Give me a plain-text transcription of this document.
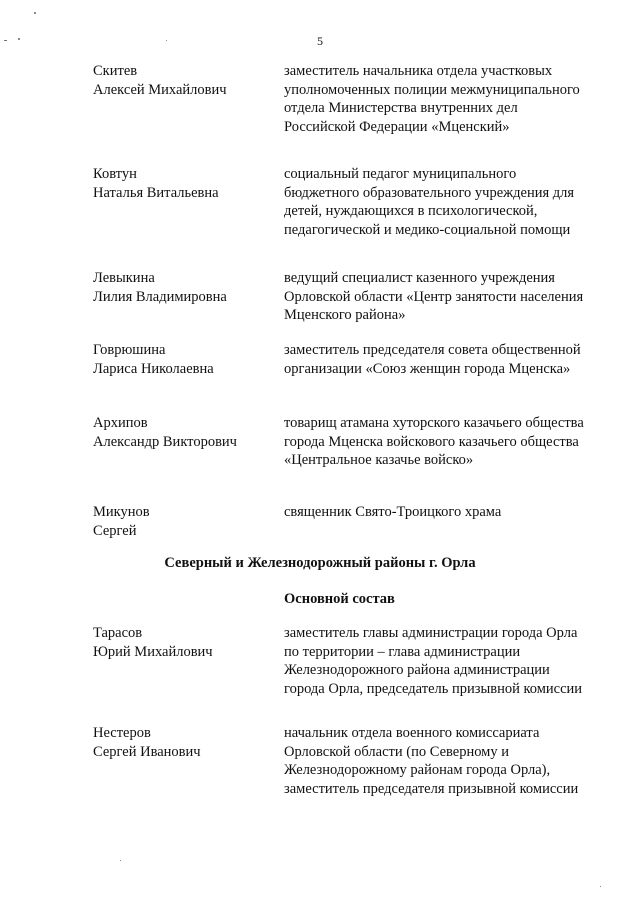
5
Скитев
Алексей Михайлович
заместитель начальника отдела участковых уполномоченных полиции межмуниципального отдела Министерства внутренних дел Российской Федерации «Мценский»
Ковтун
Наталья Витальевна
социальный педагог муниципального бюджетного образовательного учреждения для детей, нуждающихся в психологической, педагогической и медико-социальной помощи
Левыкина
Лилия Владимировна
ведущий специалист казенного учреждения Орловской области «Центр занятости населения Мценского района»
Говрюшина
Лариса Николаевна
заместитель председателя совета общественной организации «Союз женщин города Мценска»
Архипов
Александр Викторович
товарищ атамана хуторского казачьего общества города Мценска войскового казачьего общества «Центральное казачье войско»
Микунов
Сергей
священник Свято-Троицкого храма
Северный и Железнодорожный районы г. Орла
Основной состав
Тарасов
Юрий Михайлович
заместитель главы администрации города Орла по территории – глава администрации Железнодорожного района администрации города Орла, председатель призывной комиссии
Нестеров
Сергей Иванович
начальник отдела военного комиссариата Орловской области (по Северному и Железнодорожному районам города Орла), заместитель председателя призывной комиссии
